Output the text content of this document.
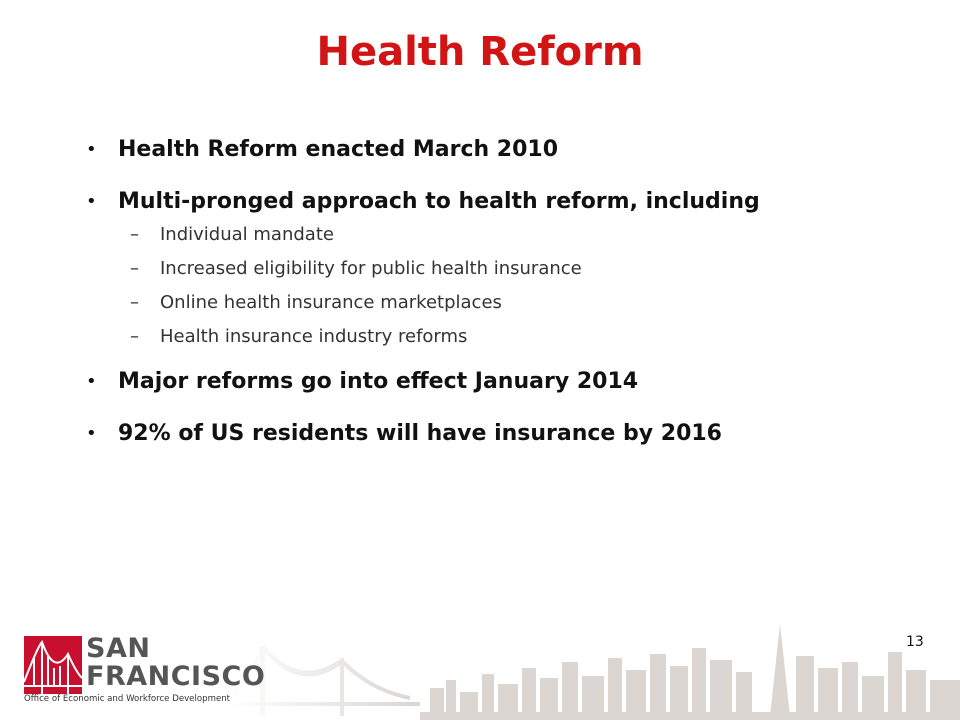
Health Reform
• Health Reform enacted March 2010
• Multi-pronged approach to health reform, including
– Individual mandate
– Increased eligibility for public health insurance
– Online health insurance marketplaces
– Health insurance industry reforms
• Major reforms go into effect January 2014
• 92% of US residents will have insurance by 2016
13
SAN
FRANCISCO
Office of Economic and Workforce Development
